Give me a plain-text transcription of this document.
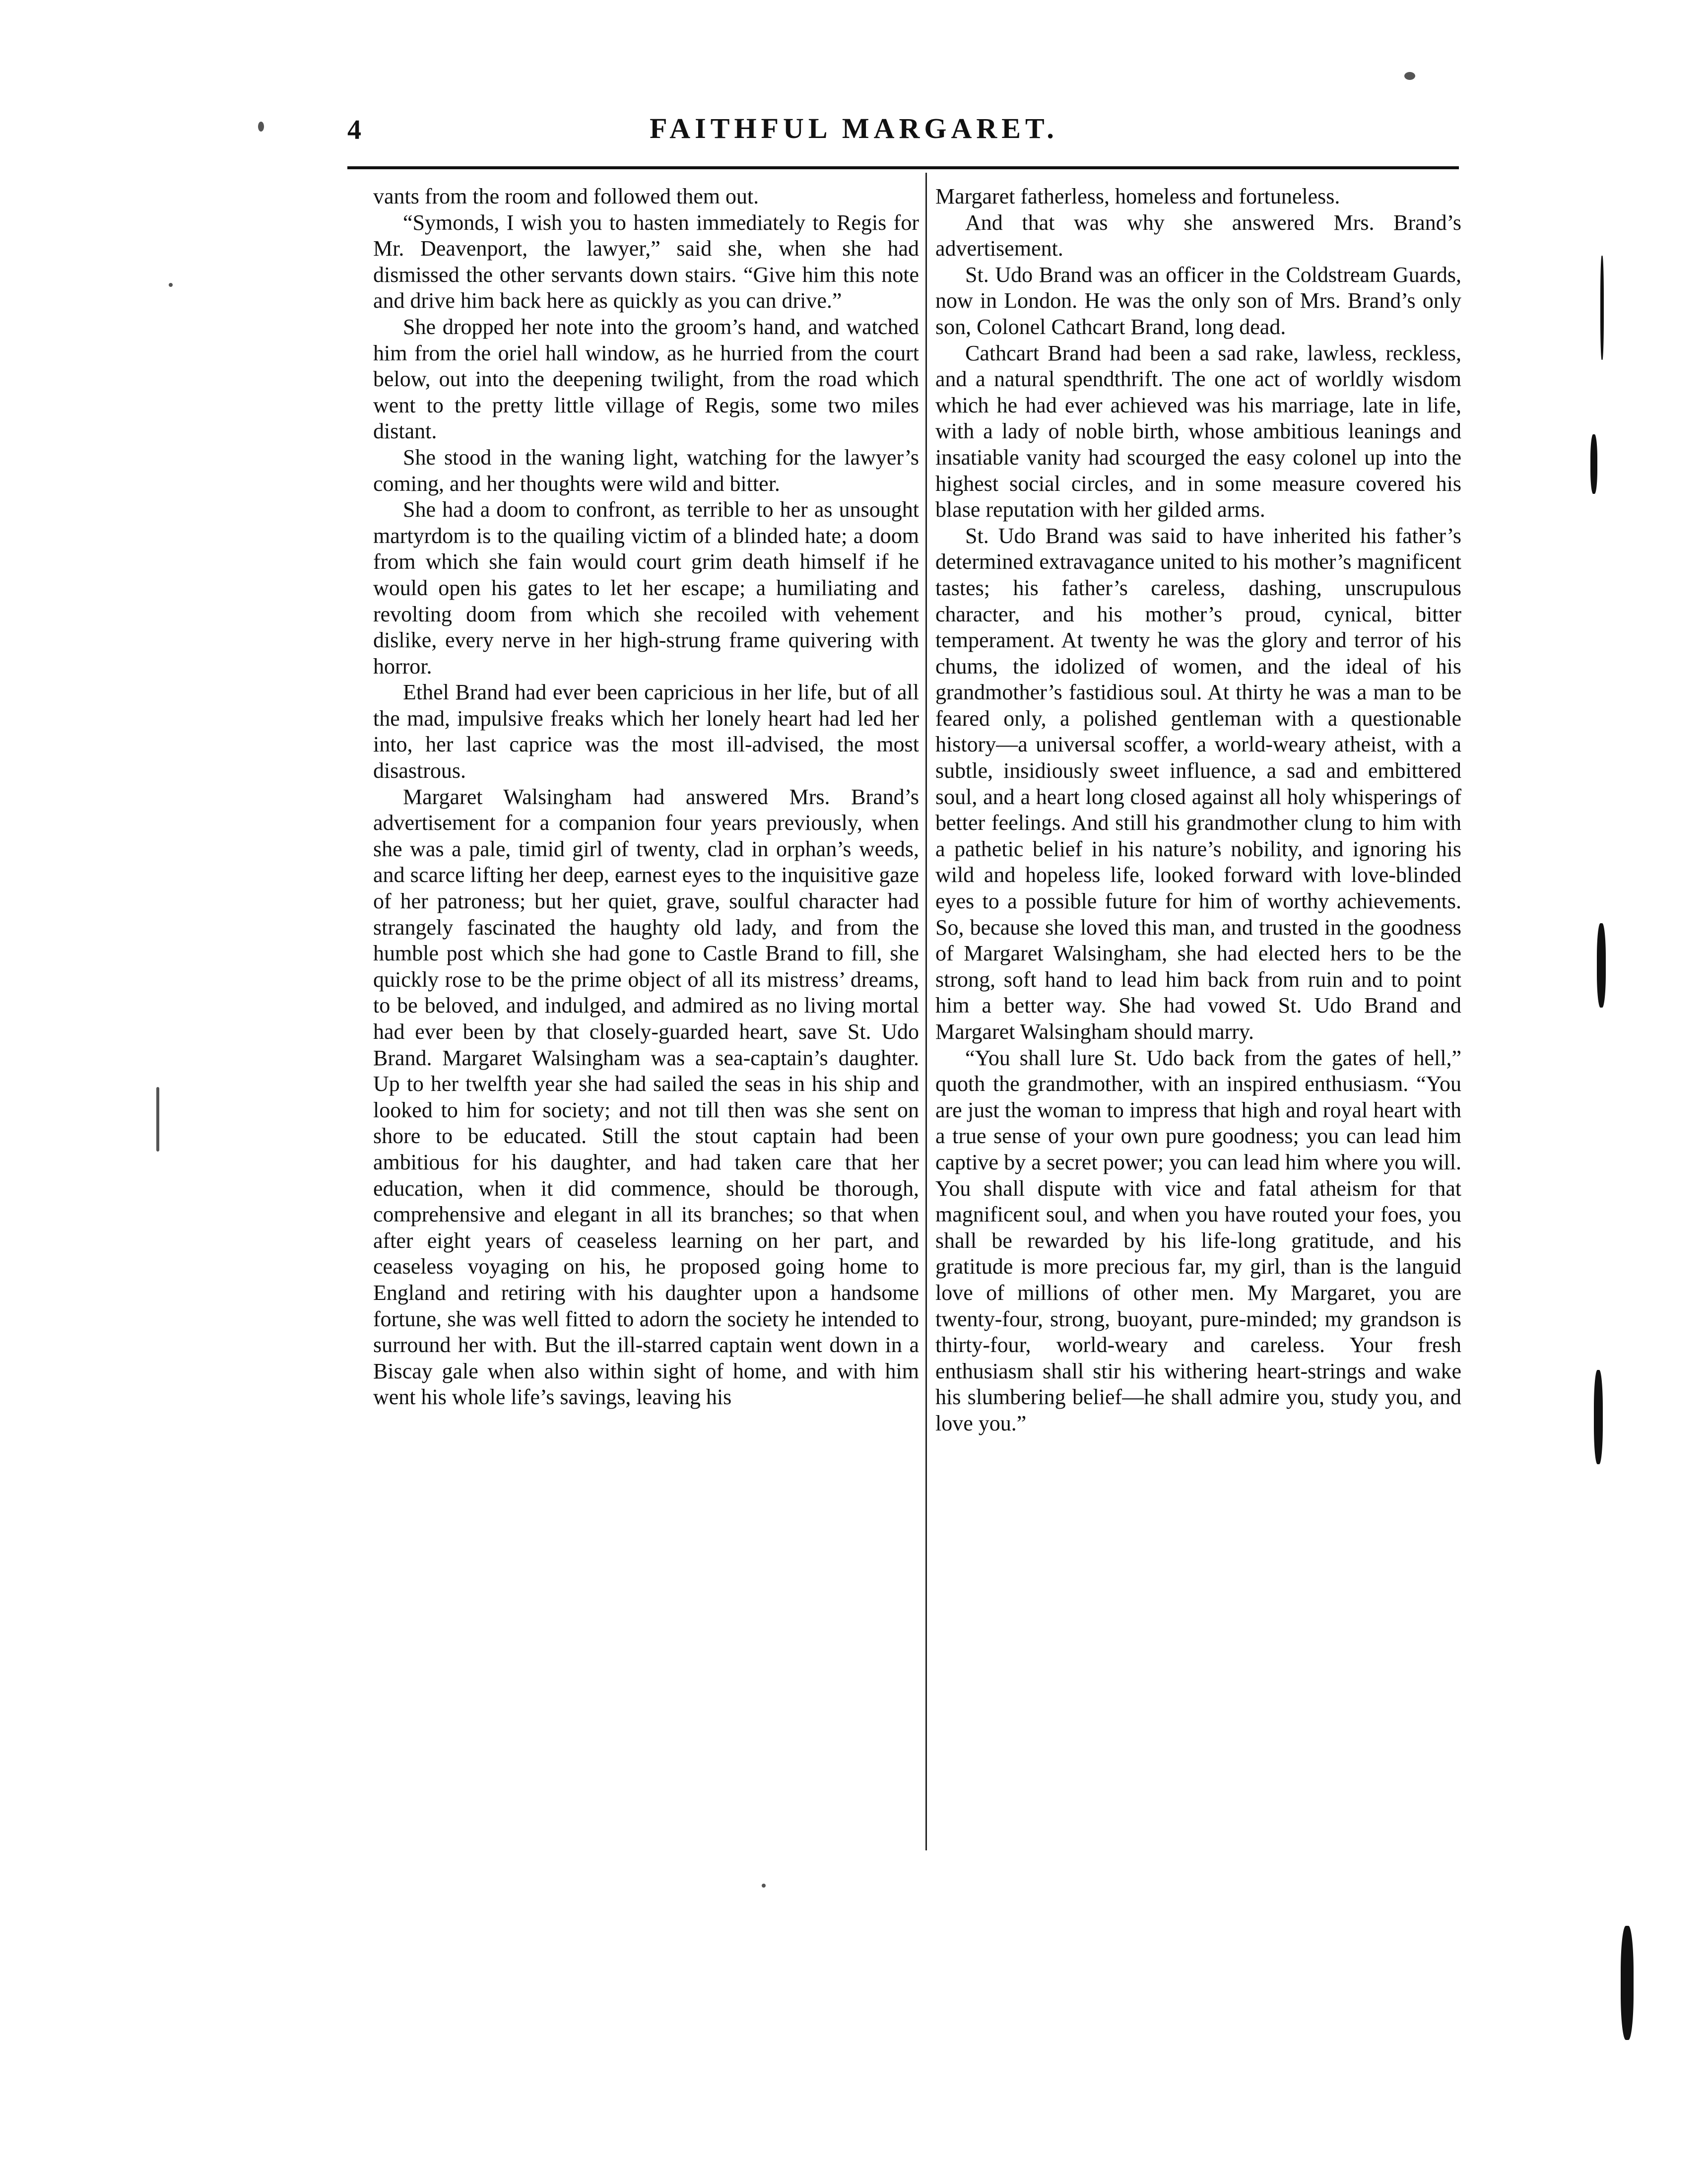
4	FAITHFUL MARGARET.

vants from the room and followed them out.

“Symonds, I wish you to hasten immediately to Regis for Mr. Deavenport, the lawyer,” said she, when she had dismissed the other servants down stairs. “Give him this note and drive him back here as quickly as you can drive.”

She dropped her note into the groom’s hand, and watched him from the oriel hall window, as he hurried from the court below, out into the deepening twilight, from the road which went to the pretty little village of Regis, some two miles distant.

She stood in the waning light, watching for the lawyer’s coming, and her thoughts were wild and bitter.

She had a doom to confront, as terrible to her as unsought martyrdom is to the quailing victim of a blinded hate; a doom from which she fain would court grim death himself if he would open his gates to let her escape; a humiliating and revolting doom from which she recoiled with vehement dislike, every nerve in her high-strung frame quivering with horror.

Ethel Brand had ever been capricious in her life, but of all the mad, impulsive freaks which her lonely heart had led her into, her last caprice was the most ill-advised, the most disastrous.

Margaret Walsingham had answered Mrs. Brand’s advertisement for a companion four years previously, when she was a pale, timid girl of twenty, clad in orphan’s weeds, and scarce lifting her deep, earnest eyes to the inquisitive gaze of her patroness; but her quiet, grave, soulful character had strangely fascinated the haughty old lady, and from the humble post which she had gone to Castle Brand to fill, she quickly rose to be the prime object of all its mistress’ dreams, to be beloved, and indulged, and admired as no living mortal had ever been by that closely-guarded heart, save St. Udo Brand. Margaret Walsingham was a sea-captain’s daughter. Up to her twelfth year she had sailed the seas in his ship and looked to him for society; and not till then was she sent on shore to be educated. Still the stout captain had been ambitious for his daughter, and had taken care that her education, when it did commence, should be thorough, comprehensive and elegant in all its branches; so that when after eight years of ceaseless learning on her part, and ceaseless voyaging on his, he proposed going home to England and retiring with his daughter upon a handsome fortune, she was well fitted to adorn the society he intended to surround her with. But the ill-starred captain went down in a Biscay gale when also within sight of home, and with him went his whole life’s savings, leaving his

Margaret fatherless, homeless and fortuneless.

And that was why she answered Mrs. Brand’s advertisement.

St. Udo Brand was an officer in the Coldstream Guards, now in London. He was the only son of Mrs. Brand’s only son, Colonel Cathcart Brand, long dead.

Cathcart Brand had been a sad rake, lawless, reckless, and a natural spendthrift. The one act of worldly wisdom which he had ever achieved was his marriage, late in life, with a lady of noble birth, whose ambitious leanings and insatiable vanity had scourged the easy colonel up into the highest social circles, and in some measure covered his blase reputation with her gilded arms.

St. Udo Brand was said to have inherited his father’s determined extravagance united to his mother’s magnificent tastes; his father’s careless, dashing, unscrupulous character, and his mother’s proud, cynical, bitter temperament. At twenty he was the glory and terror of his chums, the idolized of women, and the ideal of his grandmother’s fastidious soul. At thirty he was a man to be feared only, a polished gentleman with a questionable history—a universal scoffer, a world-weary atheist, with a subtle, insidiously sweet influence, a sad and embittered soul, and a heart long closed against all holy whisperings of better feelings. And still his grandmother clung to him with a pathetic belief in his nature’s nobility, and ignoring his wild and hopeless life, looked forward with love-blinded eyes to a possible future for him of worthy achievements. So, because she loved this man, and trusted in the goodness of Margaret Walsingham, she had elected hers to be the strong, soft hand to lead him back from ruin and to point him a better way. She had vowed St. Udo Brand and Margaret Walsingham should marry.

“You shall lure St. Udo back from the gates of hell,” quoth the grandmother, with an inspired enthusiasm. “You are just the woman to impress that high and royal heart with a true sense of your own pure goodness; you can lead him captive by a secret power; you can lead him where you will. You shall dispute with vice and fatal atheism for that magnificent soul, and when you have routed your foes, you shall be rewarded by his life-long gratitude, and his gratitude is more precious far, my girl, than is the languid love of millions of other men. My Margaret, you are twenty-four, strong, buoyant, pure-minded; my grandson is thirty-four, world-weary and careless. Your fresh enthusiasm shall stir his withering heart-strings and wake his slumbering belief—he shall admire you, study you, and love you.”
